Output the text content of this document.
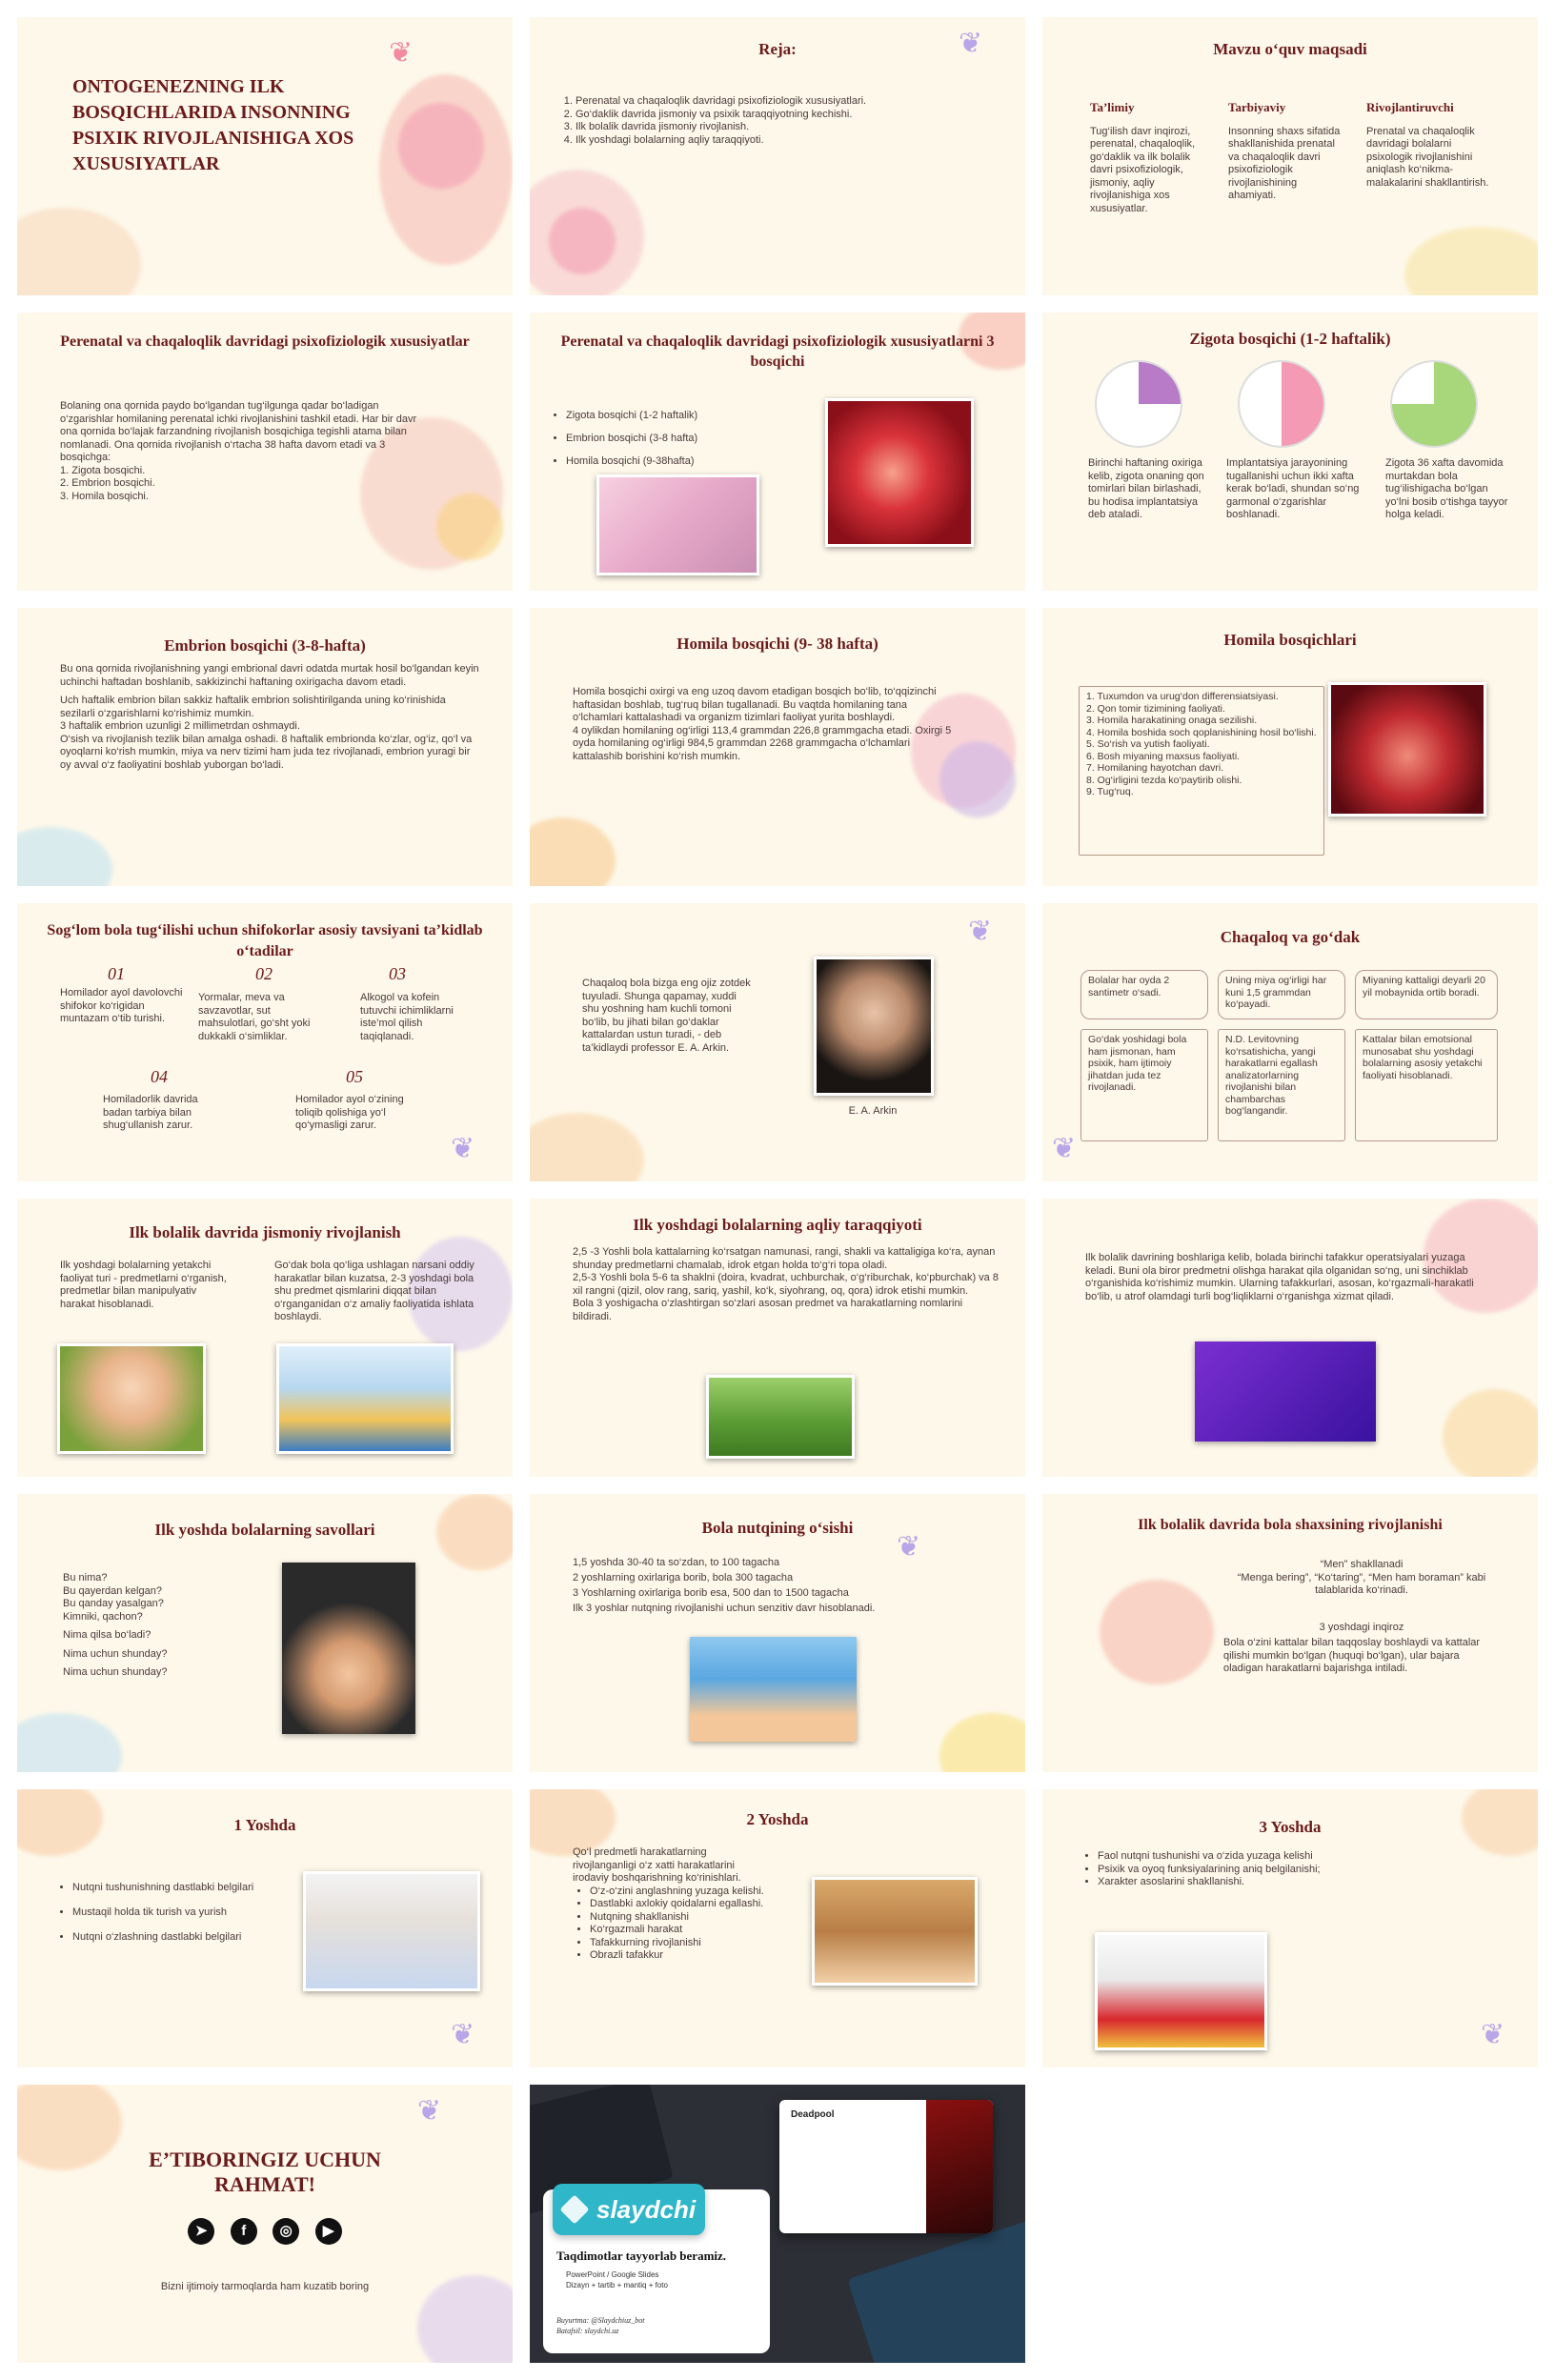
❦
ONTOGENEZNING ILK BOSQICHLARIDA INSONNING PSIXIK RIVOJLANISHIGA XOS XUSUSIYATLAR
❦
Reja:
1. Perenatal va chaqaloqlik davridagi psixofiziologik xususiyatlari.
2. Go‘daklik davrida jismoniy va psixik taraqqiyotning kechishi.
3. Ilk bolalik davrida jismoniy rivojlanish.
4. Ilk yoshdagi bolalarning aqliy taraqqiyoti.
Mavzu o‘quv maqsadi
Ta’limiy
Tug‘ilish davr inqirozi, perenatal, chaqaloqlik, go‘daklik va ilk bolalik davri psixofiziologik, jismoniy, aqliy rivojlanishiga xos xususiyatlar.
Tarbiyaviy
Insonning shaxs sifatida shakllanishida prenatal va chaqaloqlik davri psixofiziologik rivojlanishining ahamiyati.
Rivojlantiruvchi
Prenatal va chaqaloqlik davridagi bolalarni psixologik rivojlanishini aniqlash ko‘nikma-malakalarini shakllantirish.
Perenatal va chaqaloqlik davridagi psixofiziologik xususiyatlar
Bolaning ona qornida paydo bo‘lgandan tug‘ilgunga qadar bo‘ladigan o‘zgarishlar homilaning perenatal ichki rivojlanishini tashkil etadi. Har bir davr ona qornida bo‘lajak farzandning rivojlanish bosqichiga tegishli atama bilan nomlanadi. Ona qornida rivojlanish o‘rtacha 38 hafta davom etadi va 3 bosqichga:
1. Zigota bosqichi.
2. Embrion bosqichi.
3. Homila bosqichi.
Perenatal va chaqaloqlik davridagi psixofiziologik xususiyatlarni 3 bosqichi
• Zigota bosqichi (1-2 haftalik)
• Embrion bosqichi (3-8 hafta)
• Homila bosqichi (9-38hafta)
Zigota bosqichi (1-2 haftalik)
Birinchi haftaning oxiriga kelib, zigota onaning qon tomirlari bilan birlashadi, bu hodisa implantatsiya deb ataladi.
Implantatsiya jarayonining tugallanishi uchun ikki xafta kerak bo‘ladi, shundan so‘ng garmonal o‘zgarishlar boshlanadi.
Zigota 36 xafta davomida murtakdan bola tug‘ilishigacha bo‘lgan yo‘lni bosib o‘tishga tayyor holga keladi.
Embrion bosqichi (3-8-hafta)
Bu ona qornida rivojlanishning yangi embrional davri odatda murtak hosil bo‘lgandan keyin uchinchi haftadan boshlanib, sakkizinchi haftaning oxirigacha davom etadi.
Uch haftalik embrion bilan sakkiz haftalik embrion solishtirilganda uning ko‘rinishida sezilarli o‘zgarishlarni ko‘rishimiz mumkin.
3 haftalik embrion uzunligi 2 millimetrdan oshmaydi.
O‘sish va rivojlanish tezlik bilan amalga oshadi. 8 haftalik embrionda ko‘zlar, og‘iz, qo‘l va oyoqlarni ko‘rish mumkin, miya va nerv tizimi ham juda tez rivojlanadi, embrion yuragi bir oy avval o‘z faoliyatini boshlab yuborgan bo‘ladi.
Homila bosqichi (9- 38 hafta)
Homila bosqichi oxirgi va eng uzoq davom etadigan bosqich bo‘lib, to‘qqizinchi haftasidan boshlab, tug‘ruq bilan tugallanadi. Bu vaqtda homilaning tana o‘lchamlari kattalashadi va organizm tizimlari faoliyat yurita boshlaydi.
4 oylikdan homilaning og‘irligi 113,4 grammdan 226,8 grammgacha etadi. Oxirgi 5 oyda homilaning og‘irligi 984,5 grammdan 2268 grammgacha o‘lchamlari kattalashib borishini ko‘rish mumkin.
Homila bosqichlari
1. Tuxumdon va urug‘don differensiatsiyasi.
2. Qon tomir tizimining faoliyati.
3. Homila harakatining onaga sezilishi.
4. Homila boshida soch qoplanishining hosil bo‘lishi.
5. So‘rish va yutish faoliyati.
6. Bosh miyaning maxsus faoliyati.
7. Homilaning hayotchan davri.
8. Og‘irligini tezda ko‘paytirib olishi.
9. Tug‘ruq.
❦
Sog‘lom bola tug‘ilishi uchun shifokorlar asosiy tavsiyani ta’kidlab o‘tadilar
01
Homilador ayol davolovchi shifokor ko‘rigidan muntazam o‘tib turishi.
02
Yormalar, meva va savzavotlar, sut mahsulotlari, go‘sht yoki dukkakli o‘simliklar.
03
Alkogol va kofein tutuvchi ichimliklarni iste’mol qilish taqiqlanadi.
04
Homiladorlik davrida badan tarbiya bilan shug‘ullanish zarur.
05
Homilador ayol o‘zining toliqib qolishiga yo‘l qo‘ymasligi zarur.
❦
Chaqaloq bola bizga eng ojiz zotdek tuyuladi. Shunga qapamay, xuddi shu yoshning ham kuchli tomoni bo‘lib, bu jihati bilan go‘daklar kattalardan ustun turadi, - deb ta’kidlaydi professor E. A. Arkin.
E. A. Arkin
❦
Chaqaloq va go‘dak
Bolalar har oyda 2 santimetr o‘sadi.
Uning miya og‘irligi har kuni 1,5 grammdan ko‘payadi.
Miyaning kattaligi deyarli 20 yil mobaynida ortib boradi.
Go‘dak yoshidagi bola ham jismonan, ham psixik, ham ijtimoiy jihatdan juda tez rivojlanadi.
N.D. Levitovning ko‘rsatishicha, yangi harakatlarni egallash analizatorlarning rivojlanishi bilan chambarchas bog‘langandir.
Kattalar bilan emotsional munosabat shu yoshdagi bolalarning asosiy yetakchi faoliyati hisoblanadi.
Ilk bolalik davrida jismoniy rivojlanish
Ilk yoshdagi bolalarning yetakchi faoliyat turi - predmetlarni o‘rganish, predmetlar bilan manipulyativ harakat hisoblanadi.
Go‘dak bola qo‘liga ushlagan narsani oddiy harakatlar bilan kuzatsa, 2-3 yoshdagi bola shu predmet qismlarini diqqat bilan o‘rganganidan o‘z amaliy faoliyatida ishlata boshlaydi.
Ilk yoshdagi bolalarning aqliy taraqqiyoti
2,5 -3 Yoshli bola kattalarning ko‘rsatgan namunasi, rangi, shakli va kattaligiga ko‘ra, aynan shunday predmetlarni chamalab, idrok etgan holda to‘g‘ri topa oladi.
2,5-3 Yoshli bola 5-6 ta shaklni (doira, kvadrat, uchburchak, o‘g‘riburchak, ko‘pburchak) va 8 xil rangni (qizil, olov rang, sariq, yashil, ko‘k, siyohrang, oq, qora) idrok etishi mumkin.
Bola 3 yoshigacha o‘zlashtirgan so‘zlari asosan predmet va harakatlarning nomlarini bildiradi.
Ilk bolalik davrining boshlariga kelib, bolada birinchi tafakkur operatsiyalari yuzaga keladi. Buni ola biror predmetni olishga harakat qila olganidan so‘ng, uni sinchiklab o‘rganishida ko‘rishimiz mumkin. Ularning tafakkurlari, asosan, ko‘rgazmali-harakatli bo‘lib, u atrof olamdagi turli bog‘liqliklarni o‘rganishga xizmat qiladi.
Ilk yoshda bolalarning savollari
Bu nima?
Bu qayerdan kelgan?
Bu qanday yasalgan?
Kimniki, qachon?
Nima qilsa bo‘ladi?
Nima uchun shunday?
Nima uchun shunday?
❦
Bola nutqining o‘sishi
1,5 yoshda 30-40 ta so‘zdan, to 100 tagacha
2 yoshlarning oxirlariga borib, bola 300 tagacha
3 Yoshlarning oxirlariga borib esa, 500 dan to 1500 tagacha
Ilk 3 yoshlar nutqning rivojlanishi uchun senzitiv davr hisoblanadi.
Ilk bolalik davrida bola shaxsining rivojlanishi
“Men” shakllanadi
“Menga bering”, “Ko‘taring”, “Men ham boraman” kabi talablarida ko‘rinadi.
3 yoshdagi inqiroz
Bola o‘zini kattalar bilan taqqoslay boshlaydi va kattalar qilishi mumkin bo‘lgan (huquqi bo‘lgan), ular bajara oladigan harakatlarni bajarishga intiladi.
❦
1 Yoshda
• Nutqni tushunishning dastlabki belgilari
• Mustaqil holda tik turish va yurish
• Nutqni o‘zlashning dastlabki belgilari
2 Yoshda
Qo‘l predmetli harakatlarning rivojlanganligi o‘z xatti harakatlarini irodaviy boshqarishning ko‘rinishlari.
• O‘z-o‘zini anglashning yuzaga kelishi.
• Dastlabki axlokiy qoidalarni egallashi.
• Nutqning shakllanishi
• Ko‘rgazmali harakat
• Tafakkurning rivojlanishi
• Obrazli tafakkur
❦
3 Yoshda
• Faol nutqni tushunishi va o‘zida yuzaga kelishi
• Psixik va oyoq funksiyalarining aniq belgilanishi;
• Xarakter asoslarini shakllanishi.
❦
E’TIBORINGIZ UCHUN RAHMAT!
➤ f ◎ ▶
Bizni ijtimoiy tarmoqlarda ham kuzatib boring
Deadpool
slaydchi
Taqdimotlar tayyorlab beramiz.
PowerPoint / Google Slides
Dizayn + tartib + mantiq + foto
Buyurtma: @Slaydchiuz_bot
Batafsil: slaydchi.uz
